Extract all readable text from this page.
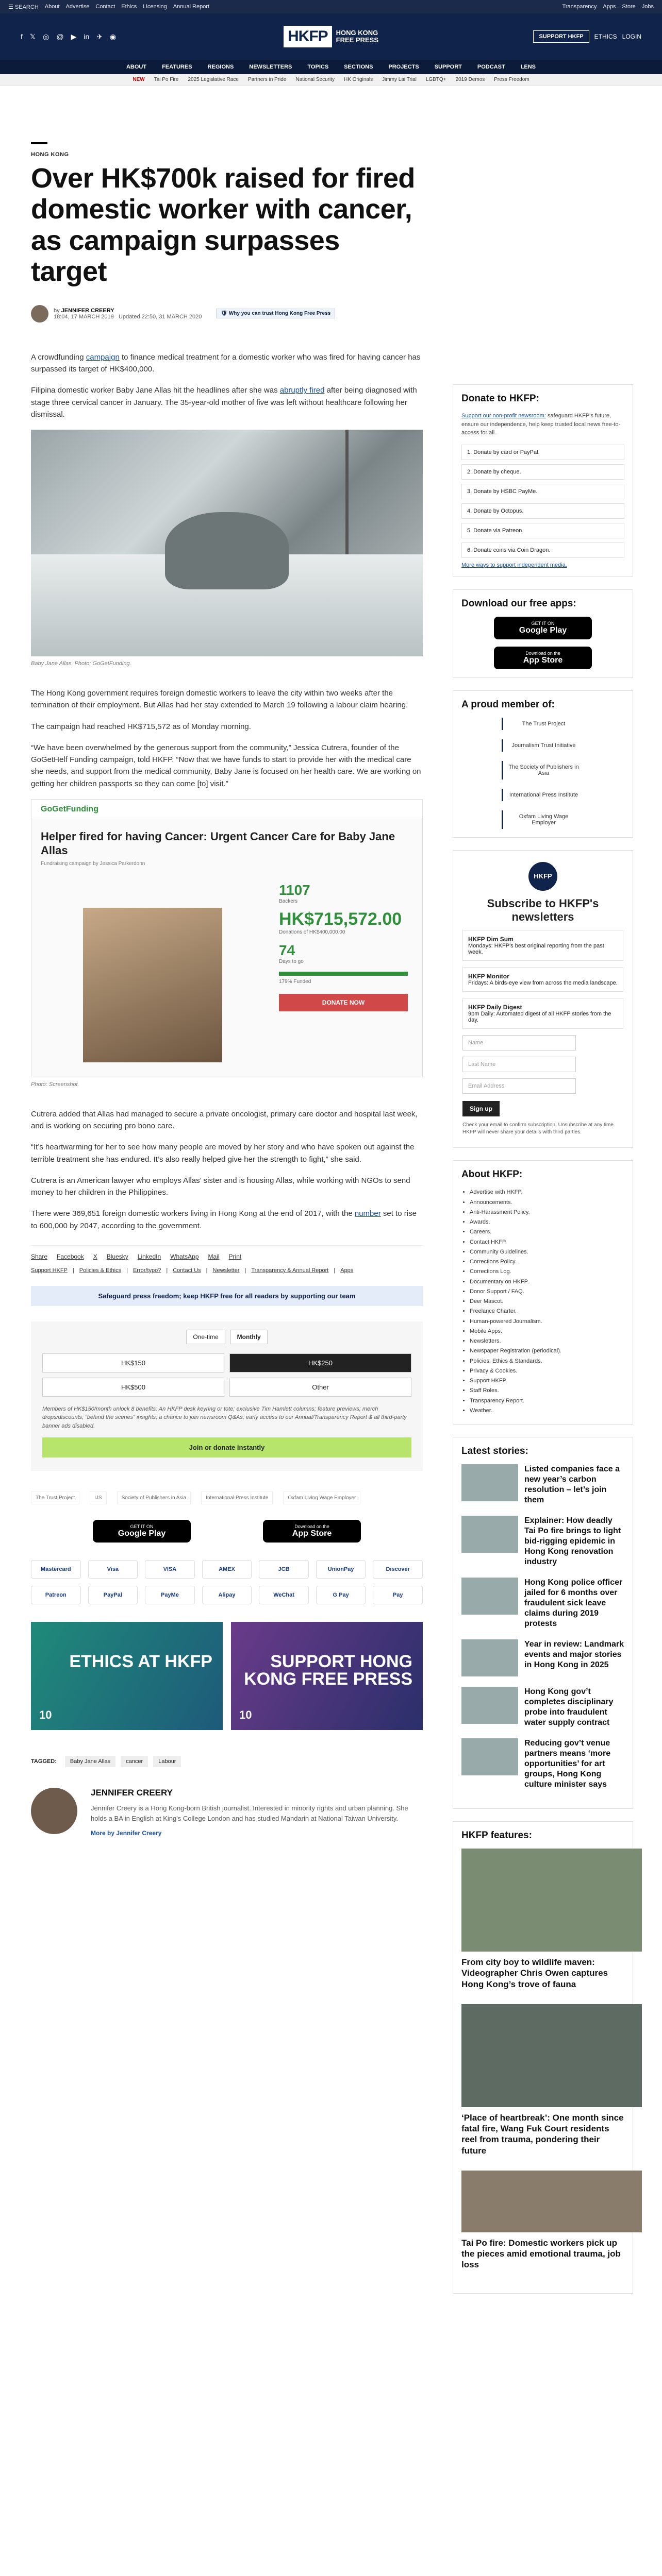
☰ SEARCH About Advertise Contact Ethics Licensing Annual Report	Transparency Apps Store Jobs
f 𝕏 ◎ @ ▶ in ✈ ◉	HKFP	HONG KONG
FREE PRESS	SUPPORT HKFP	ETHICS LOGIN
ABOUT	FEATURES	REGIONS	NEWSLETTERS	TOPICS	SECTIONS	PROJECTS	SUPPORT	PODCAST	LENS
NEW Tai Po Fire 2025 Legislative Race Partners in Pride National Security HK Originals Jimmy Lai Trial LGBTQ+ 2019 Demos Press Freedom
HONG KONG
Over HK$700k raised for fired domestic worker with cancer, as campaign surpasses target
by JENNIFER CREERY
18:04, 17 MARCH 2019 Updated 22:50, 31 MARCH 2020	🛡 Why you can trust Hong Kong Free Press

A crowdfunding campaign to finance medical treatment for a domestic worker who was fired for having cancer has surpassed its target of HK$400,000.

Filipina domestic worker Baby Jane Allas hit the headlines after she was abruptly fired after being diagnosed with stage three cervical cancer in January. The 35-year-old mother of five was left without healthcare following her dismissal.

Baby Jane Allas. Photo: GoGetFunding.

The Hong Kong government requires foreign domestic workers to leave the city within two weeks after the termination of their employment. But Allas had her stay extended to March 19 following a labour claim hearing.

The campaign had reached HK$715,572 as of Monday morning.

“We have been overwhelmed by the generous support from the community,” Jessica Cutrera, founder of the GoGetHelf Funding campaign, told HKFP. “Now that we have funds to start to provide her with the medical care she needs, and support from the medical community, Baby Jane is focused on her health care. We are working on getting her children passports so they can come [to] visit.”

GoGetFunding
Helper fired for having Cancer: Urgent Cancer Care for Baby Jane Allas
Fundraising campaign by Jessica Parkerdonn
1107
Backers
HK$715,572.00
Donations of HK$400,000.00
74
Days to go
179% Funded
DONATE NOW
Photo: Screenshot.

Cutrera added that Allas had managed to secure a private oncologist, primary care doctor and hospital last week, and is working on securing pro bono care.

“It’s heartwarming for her to see how many people are moved by her story and who have spoken out against the terrible treatment she has endured. It’s also really helped give her the strength to fight,” she said.

Cutrera is an American lawyer who employs Allas’ sister and is housing Allas, while working with NGOs to send money to her children in the Philippines.

There were 369,651 foreign domestic workers living in Hong Kong at the end of 2017, with the number set to rise to 600,000 by 2047, according to the government.

Share Facebook X Bluesky LinkedIn WhatsApp Mail Print
Support HKFP | Policies & Ethics | Error/typo? | Contact Us | Newsletter | Transparency & Annual Report | Apps
Safeguard press freedom; keep HKFP free for all readers by supporting our team
One-time	Monthly
HK$150	HK$250
HK$500	Other
Members of HK$150/month unlock 8 benefits: An HKFP desk keyring or tote; exclusive Tim Hamlett columns; feature previews; merch drops/discounts; “behind the scenes” insights; a chance to join newsroom Q&As; early access to our Annual/Transparency Report & all third-party banner ads disabled.
Join or donate instantly
The Trust Project	IJS	Society of Publishers in Asia	International Press Institute	Oxfam Living Wage Employer
GET IT ON
Google Play
Download on the
App Store
Mastercard	Visa	VISA	AMEX	JCB	UnionPay	Discover
Patreon	PayPal	PayMe	Alipay	WeChat	G Pay	Pay
ETHICS AT HKFP
10
SUPPORT HONG KONG FREE PRESS
10
TAGGED:	Baby Jane Allas	cancer	Labour
JENNIFER CREERY

Jennifer Creery is a Hong Kong-born British journalist. Interested in minority rights and urban planning. She holds a BA in English at King's College London and has studied Mandarin at National Taiwan University.

More by Jennifer Creery
Donate to HKFP:
Support our non-profit newsroom: safeguard HKFP's future, ensure our independence, help keep trusted local news free-to-access for all.
1. Donate by card or PayPal.
2. Donate by cheque.
3. Donate by HSBC PayMe.
4. Donate by Octopus.
5. Donate via Patreon.
6. Donate coins via Coin Dragon.
More ways to support independent media.
Download our free apps:
GET IT ON
Google Play
Download on the
App Store
A proud member of:
The Trust Project
Journalism Trust Initiative
The Society of Publishers in Asia
International Press Institute
Oxfam Living Wage Employer
HKFP
Subscribe to HKFP's newsletters
HKFP Dim Sum
Mondays: HKFP's best original reporting from the past week.
HKFP Monitor
Fridays: A birds-eye view from across the media landscape.
HKFP Daily Digest
9pm Daily: Automated digest of all HKFP stories from the day.
Name
Last Name
Email Address
Sign up
Check your email to confirm subscription. Unsubscribe at any time. HKFP will never share your details with third parties.
About HKFP:
• Advertise with HKFP.
• Announcements.
• Anti-Harassment Policy.
• Awards.
• Careers.
• Contact HKFP.
• Community Guidelines.
• Corrections Policy.
• Corrections Log.
• Documentary on HKFP.
• Donor Support / FAQ.
• Deer Mascot.
• Freelance Charter.
• Human-powered Journalism.
• Mobile Apps.
• Newsletters.
• Newspaper Registration (periodical).
• Policies, Ethics & Standards.
• Privacy & Cookies.
• Support HKFP.
• Staff Roles.
• Transparency Report.
• Weather.
Latest stories:
Listed companies face a new year’s carbon resolution – let’s join them
Explainer: How deadly Tai Po fire brings to light bid-rigging epidemic in Hong Kong renovation industry
Hong Kong police officer jailed for 6 months over fraudulent sick leave claims during 2019 protests
Year in review: Landmark events and major stories in Hong Kong in 2025
Hong Kong gov’t completes disciplinary probe into fraudulent water supply contract
Reducing gov’t venue partners means ‘more opportunities’ for art groups, Hong Kong culture minister says
HKFP features:
From city boy to wildlife maven: Videographer Chris Owen captures Hong Kong’s trove of fauna
‘Place of heartbreak’: One month since fatal fire, Wang Fuk Court residents reel from trauma, pondering their future
Tai Po fire: Domestic workers pick up the pieces amid emotional trauma, job loss
